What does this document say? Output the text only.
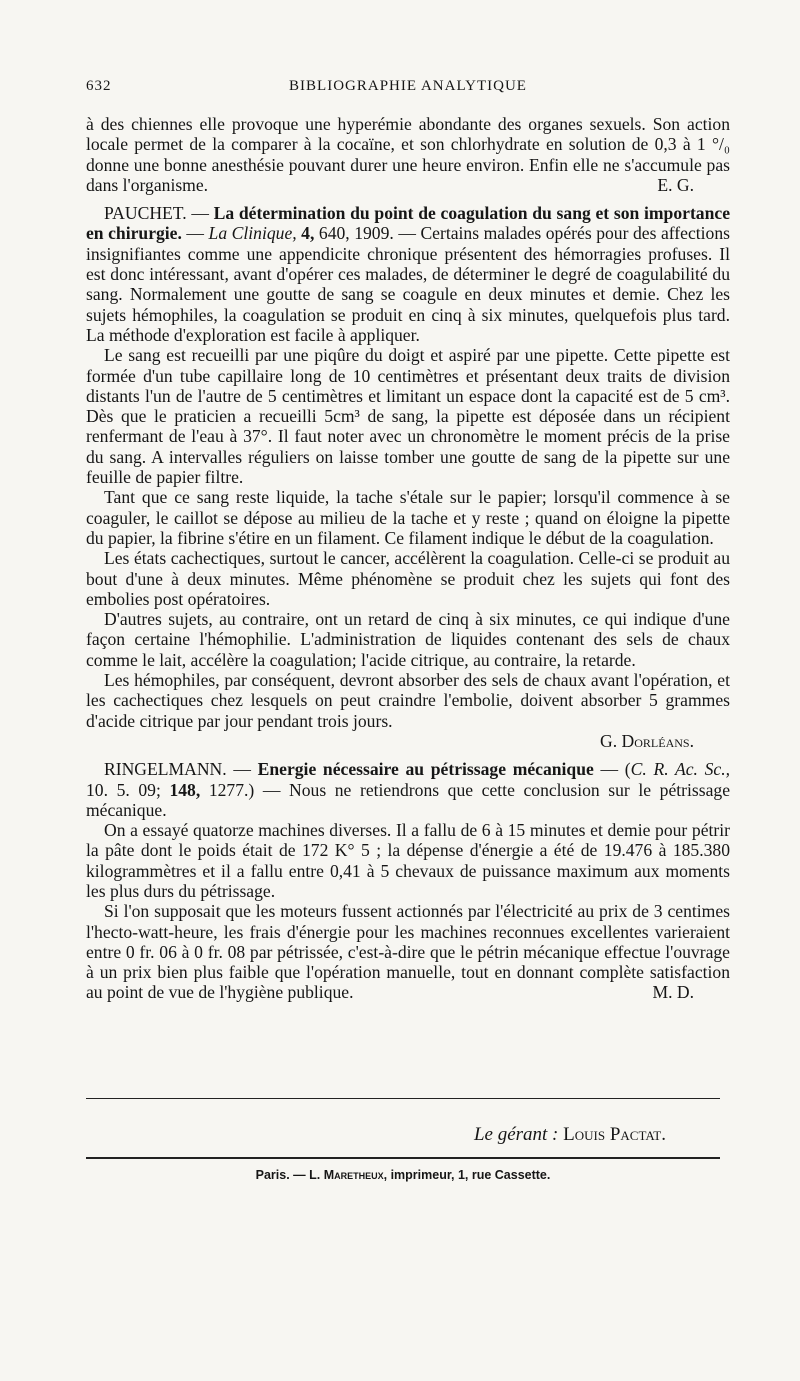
632	BIBLIOGRAPHIE ANALYTIQUE

à des chiennes elle provoque une hyperémie abondante des organes sexuels. Son action locale permet de la comparer à la cocaïne, et son chlorhydrate en solution de 0,3 à 1 °/₀ donne une bonne anesthésie pouvant durer une heure environ. Enfin elle ne s'accumule pas dans l'organisme.	E. G.

PAUCHET. — La détermination du point de coagulation du sang et son importance en chirurgie. — La Clinique, 4, 640, 1909. — Certains malades opérés pour des affections insignifiantes comme une appendicite chronique présentent des hémorragies profuses. Il est donc intéressant, avant d'opérer ces malades, de déterminer le degré de coagulabilité du sang. Normalement une goutte de sang se coagule en deux minutes et demie. Chez les sujets hémophiles, la coagulation se produit en cinq à six minutes, quelquefois plus tard. La méthode d'exploration est facile à appliquer.

Le sang est recueilli par une piqûre du doigt et aspiré par une pipette. Cette pipette est formée d'un tube capillaire long de 10 centimètres et présentant deux traits de division distants l'un de l'autre de 5 centimètres et limitant un espace dont la capacité est de 5 cm³. Dès que le praticien a recueilli 5cm³ de sang, la pipette est déposée dans un récipient renfermant de l'eau à 37°. Il faut noter avec un chronomètre le moment précis de la prise du sang. A intervalles réguliers on laisse tomber une goutte de sang de la pipette sur une feuille de papier filtre.

Tant que ce sang reste liquide, la tache s'étale sur le papier; lorsqu'il commence à se coaguler, le caillot se dépose au milieu de la tache et y reste ; quand on éloigne la pipette du papier, la fibrine s'étire en un filament. Ce filament indique le début de la coagulation.

Les états cachectiques, surtout le cancer, accélèrent la coagulation. Celle-ci se produit au bout d'une à deux minutes. Même phénomène se produit chez les sujets qui font des embolies post opératoires.

D'autres sujets, au contraire, ont un retard de cinq à six minutes, ce qui indique d'une façon certaine l'hémophilie. L'administration de liquides contenant des sels de chaux comme le lait, accélère la coagulation; l'acide citrique, au contraire, la retarde.

Les hémophiles, par conséquent, devront absorber des sels de chaux avant l'opération, et les cachectiques chez lesquels on peut craindre l'embolie, doivent absorber 5 grammes d'acide citrique par jour pendant trois jours.

G. Dorléans.

RINGELMANN. — Energie nécessaire au pétrissage mécanique — (C. R. Ac. Sc., 10. 5. 09; 148, 1277.) — Nous ne retiendrons que cette conclusion sur le pétrissage mécanique.

On a essayé quatorze machines diverses. Il a fallu de 6 à 15 minutes et demie pour pétrir la pâte dont le poids était de 172 K° 5 ; la dépense d'énergie a été de 19.476 à 185.380 kilogrammètres et il a fallu entre 0,41 à 5 chevaux de puissance maximum aux moments les plus durs du pétrissage.

Si l'on supposait que les moteurs fussent actionnés par l'électricité au prix de 3 centimes l'hecto-watt-heure, les frais d'énergie pour les machines reconnues excellentes varieraient entre 0 fr. 06 à 0 fr. 08 par pétrissée, c'est-à-dire que le pétrin mécanique effectue l'ouvrage à un prix bien plus faible que l'opération manuelle, tout en donnant complète satisfaction au point de vue de l'hygiène publique.	M. D.

Le gérant : Louis Pactat.
Paris. — L. Maretheux, imprimeur, 1, rue Cassette.
